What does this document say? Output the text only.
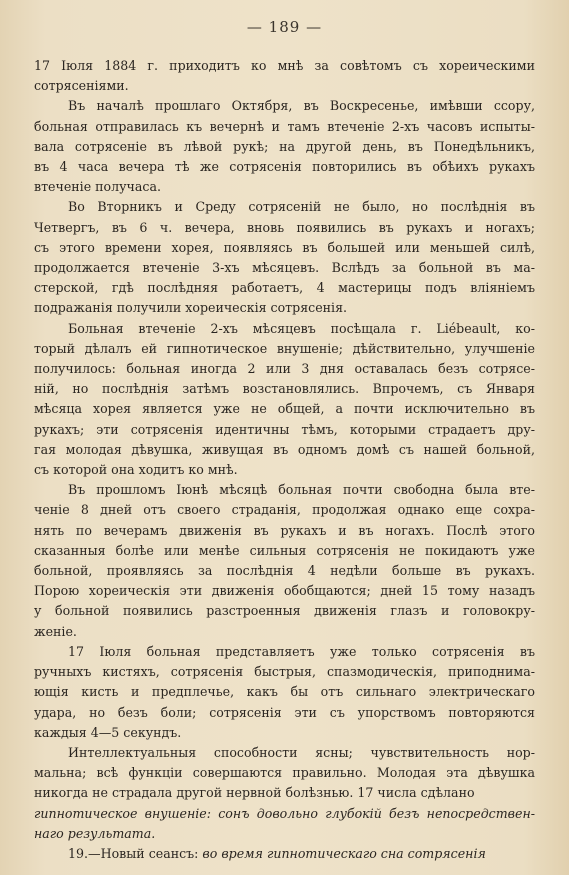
— 189 —

17 Іюля 1884 г. приходитъ ко мнѣ за совѣтомъ съ хореическими
сотрясеніями.

Въ началѣ прошлаго Октября, въ Воскресенье, имѣвши ссору,
больная отправилась къ вечернѣ и тамъ втеченіе 2-хъ часовъ испыты-
вала сотрясеніе въ лѣвой рукѣ; на другой день, въ Понедѣльникъ,
въ 4 часа вечера тѣ же сотрясенія повторились въ обѣихъ рукахъ
втеченіе получаса.

Во Вторникъ и Среду сотрясеній не было, но послѣднія въ
Четвергъ, въ 6 ч. вечера, вновь появились въ рукахъ и ногахъ;
съ этого времени хорея, появляясь въ большей или меньшей силѣ,
продолжается втеченіе 3-хъ мѣсяцевъ. Вслѣдъ за больной въ ма-
стерской, гдѣ послѣдняя работаетъ, 4 мастерицы подъ вліяніемъ
подражанія получили хореическія сотрясенія.

Больная втеченіе 2-хъ мѣсяцевъ посѣщала г. Liébeault, ко-
торый дѣлалъ ей гипнотическое внушеніе; дѣйствительно, улучшеніе
получилось: больная иногда 2 или 3 дня оставалась безъ сотрясе-
ній, но послѣднія затѣмъ возстановлялись. Впрочемъ, съ Января
мѣсяца хорея является уже не общей, а почти исключительно въ
рукахъ; эти сотрясенія идентичны тѣмъ, которыми страдаетъ дру-
гая молодая дѣвушка, живущая въ одномъ домѣ съ нашей больной,
съ которой она ходитъ ко мнѣ.

Въ прошломъ Іюнѣ мѣсяцѣ больная почти свободна была вте-
ченіе 8 дней отъ своего страданія, продолжая однако еще сохра-
нять по вечерамъ движенія въ рукахъ и въ ногахъ. Послѣ этого
сказанныя болѣе или менѣе сильныя сотрясенія не покидаютъ уже
больной, проявляясь за послѣднія 4 недѣли больше въ рукахъ.
Порою хореическія эти движенія обобщаются; дней 15 тому назадъ
у больной появились разстроенныя движенія глазъ и головокру-
женіе.

17 Іюля больная представляетъ уже только сотрясенія въ
ручныхъ кистяхъ, сотрясенія быстрыя, спазмодическія, приподнима-
ющія кисть и предплечье, какъ бы отъ сильнаго электрическаго
удара, но безъ боли; сотрясенія эти съ упорствомъ повторяются
каждыя 4—5 секундъ.

Интеллектуальныя способности ясны; чувствительность нор-
мальна; всѣ функціи совершаются правильно. Молодая эта дѣвушка
никогда не страдала другой нервной болѣзнью. 17 числа сдѣлано

гипнотическое внушеніе: сонъ довольно глубокій безъ непосредствен-
наго результата.

19.—Новый сеансъ: во время гипнотическаго сна сотрясенія
